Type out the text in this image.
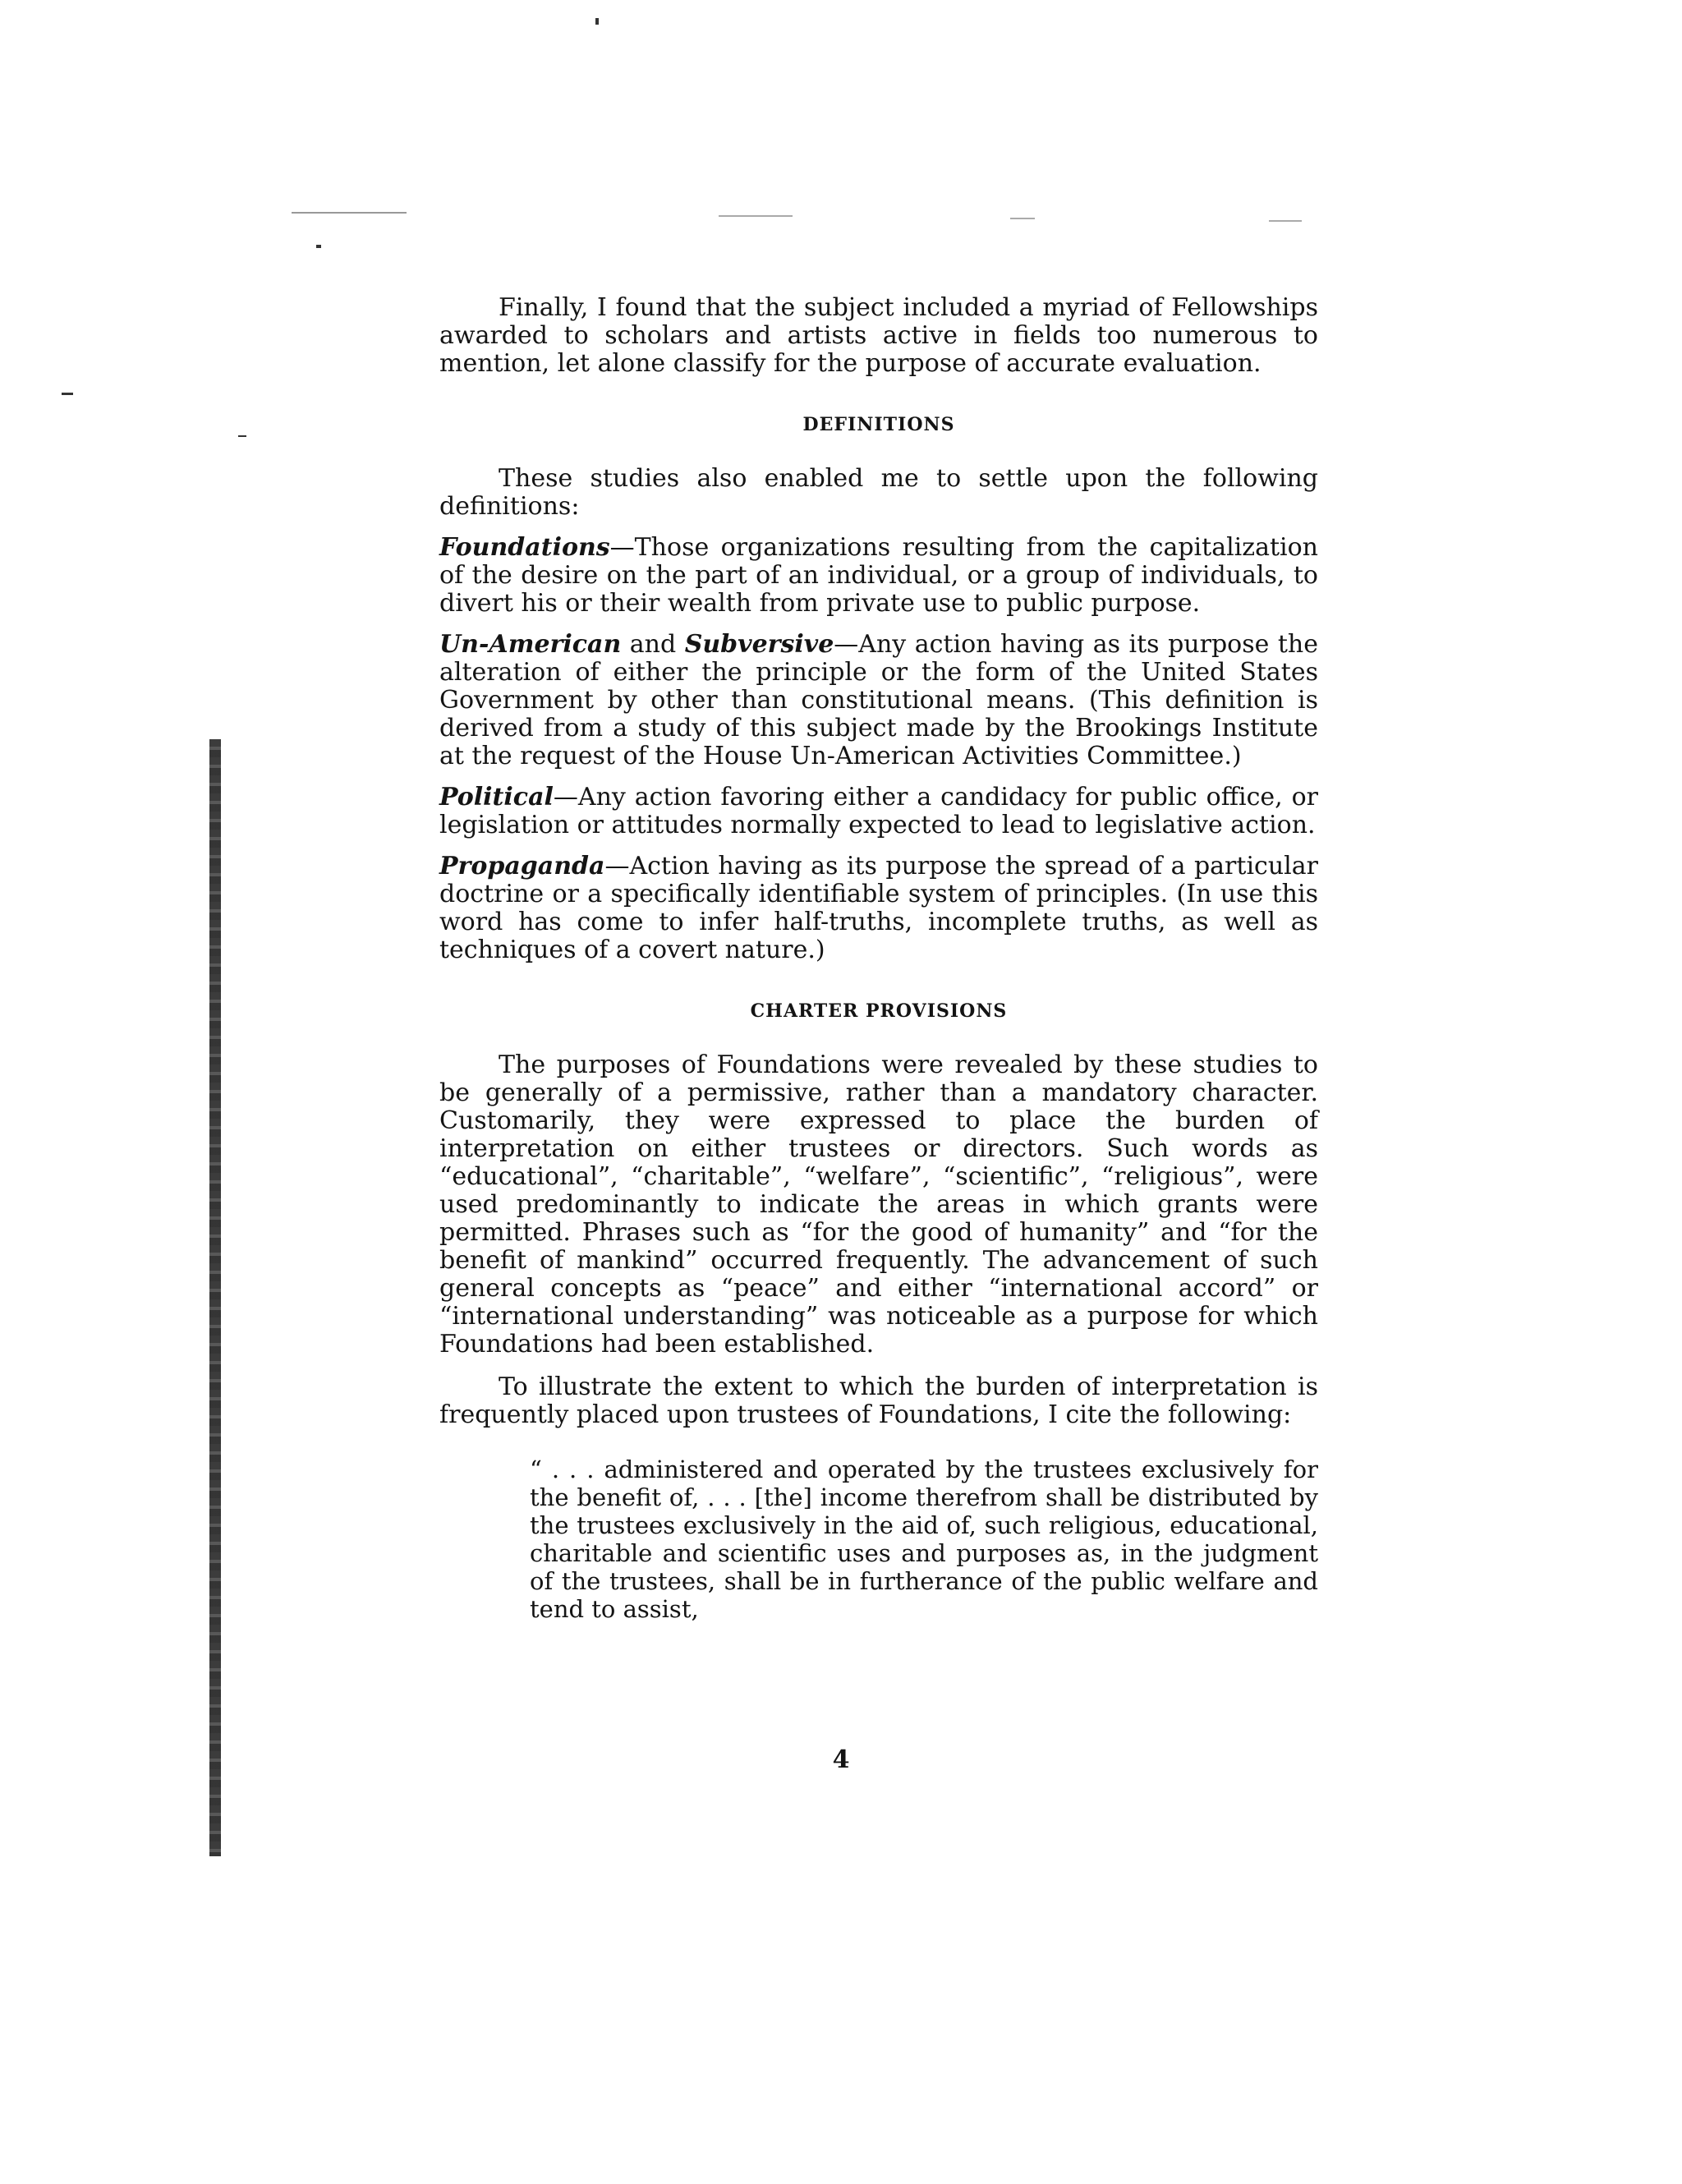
Finally, I found that the subject included a myriad of Fellowships awarded to scholars and artists active in fields too numerous to mention, let alone classify for the purpose of accurate evaluation.

DEFINITIONS

These studies also enabled me to settle upon the following definitions:

Foundations—Those organizations resulting from the capitalization of the desire on the part of an individual, or a group of individuals, to divert his or their wealth from private use to public purpose.

Un-American and Subversive—Any action having as its purpose the alteration of either the principle or the form of the United States Government by other than constitutional means. (This definition is derived from a study of this subject made by the Brookings Institute at the request of the House Un-American Activities Committee.)

Political—Any action favoring either a candidacy for public office, or legislation or attitudes normally expected to lead to legislative action.

Propaganda—Action having as its purpose the spread of a particular doctrine or a specifically identifiable system of principles. (In use this word has come to infer half-truths, incomplete truths, as well as techniques of a covert nature.)

CHARTER PROVISIONS

The purposes of Foundations were revealed by these studies to be generally of a permissive, rather than a mandatory character. Customarily, they were expressed to place the burden of interpretation on either trustees or directors. Such words as “educational”, “charitable”, “welfare”, “scientific”, “religious”, were used predominantly to indicate the areas in which grants were permitted. Phrases such as “for the good of humanity” and “for the benefit of mankind” occurred frequently. The advancement of such general concepts as “peace” and either “international accord” or “international understanding” was noticeable as a purpose for which Foundations had been established.

To illustrate the extent to which the burden of interpretation is frequently placed upon trustees of Foundations, I cite the following:

“ . . . administered and operated by the trustees exclusively for the benefit of, . . . [the] income therefrom shall be distributed by the trustees exclusively in the aid of, such religious, educational, charitable and scientific uses and purposes as, in the judgment of the trustees, shall be in furtherance of the public welfare and tend to assist,

4
